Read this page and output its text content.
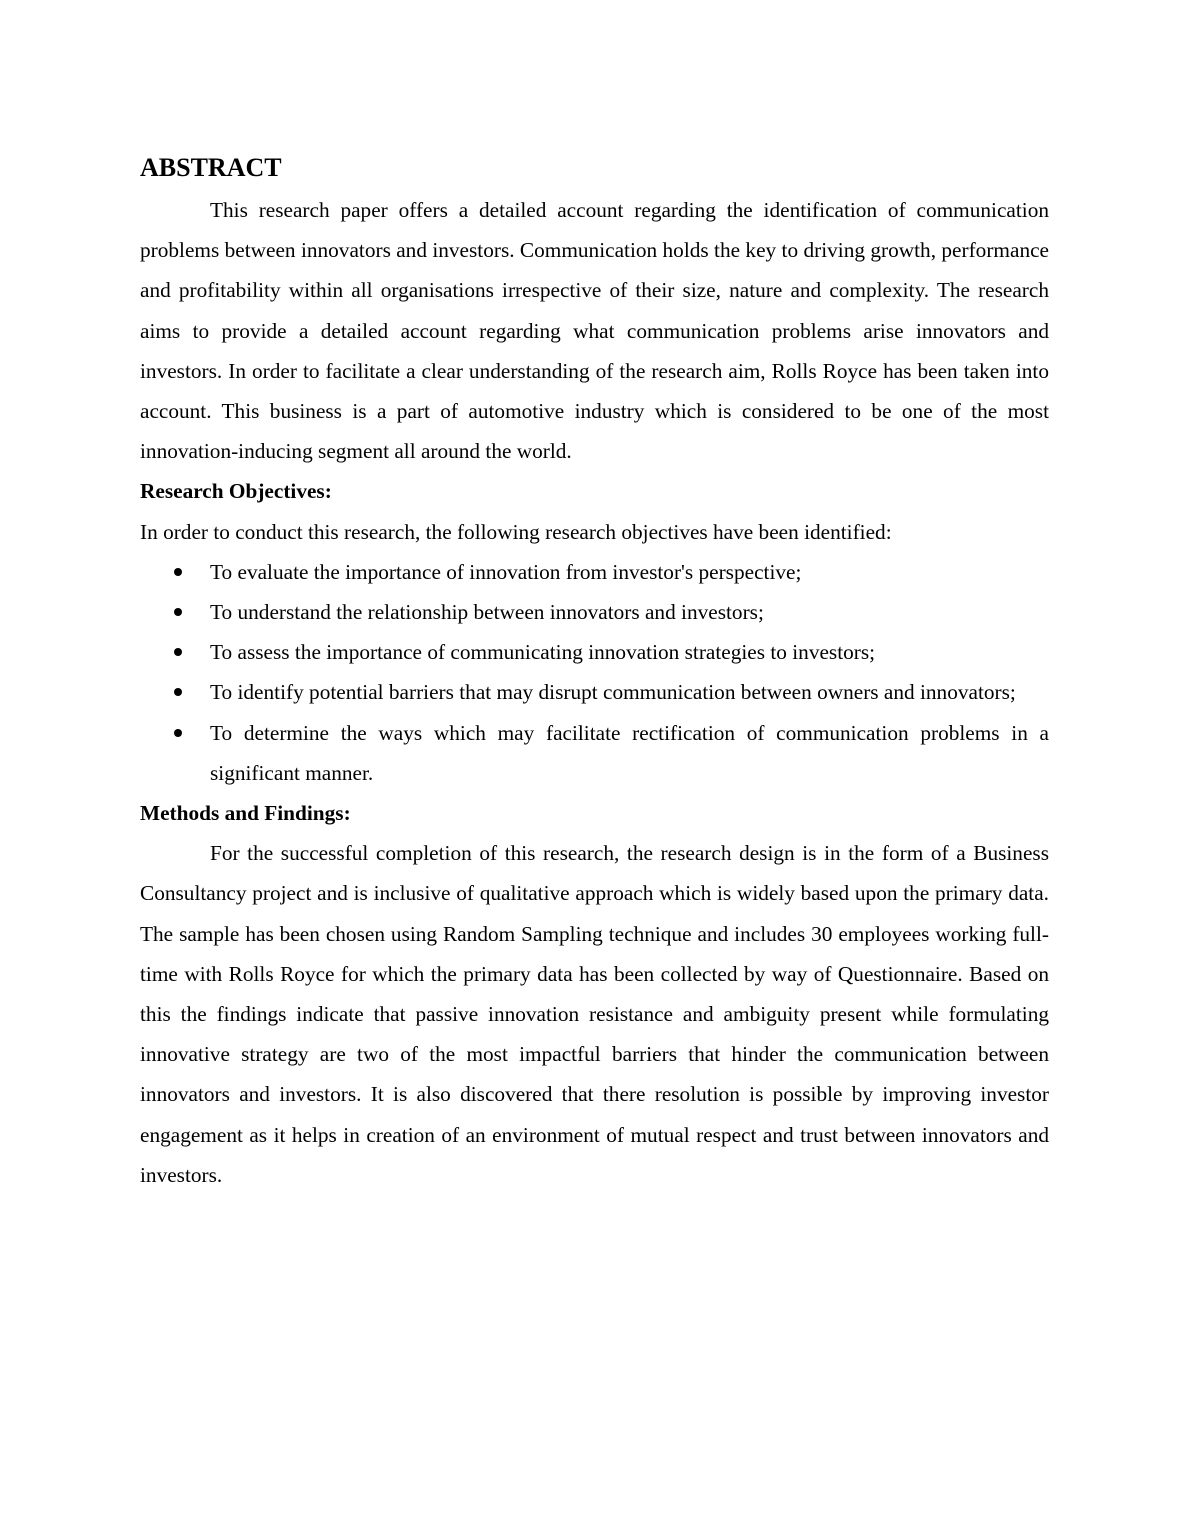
ABSTRACT

This research paper offers a detailed account regarding the identification of communication problems between innovators and investors. Communication holds the key to driving growth, performance and profitability within all organisations irrespective of their size, nature and complexity. The research aims to provide a detailed account regarding what communication problems arise innovators and investors. In order to facilitate a clear understanding of the research aim, Rolls Royce has been taken into account. This business is a part of automotive industry which is considered to be one of the most innovation-inducing segment all around the world.

Research Objectives:

In order to conduct this research, the following research objectives have been identified:

To evaluate the importance of innovation from investor's perspective;
To understand the relationship between innovators and investors;
To assess the importance of communicating innovation strategies to investors;
To identify potential barriers that may disrupt communication between owners and innovators;
To determine the ways which may facilitate rectification of communication problems in a significant manner.

Methods and Findings:

For the successful completion of this research, the research design is in the form of a Business Consultancy project and is inclusive of qualitative approach which is widely based upon the primary data. The sample has been chosen using Random Sampling technique and includes 30 employees working full-time with Rolls Royce for which the primary data has been collected by way of Questionnaire. Based on this the findings indicate that passive innovation resistance and ambiguity present while formulating innovative strategy are two of the most impactful barriers that hinder the communication between innovators and investors. It is also discovered that there resolution is possible by improving investor engagement as it helps in creation of an environment of mutual respect and trust between innovators and investors.
